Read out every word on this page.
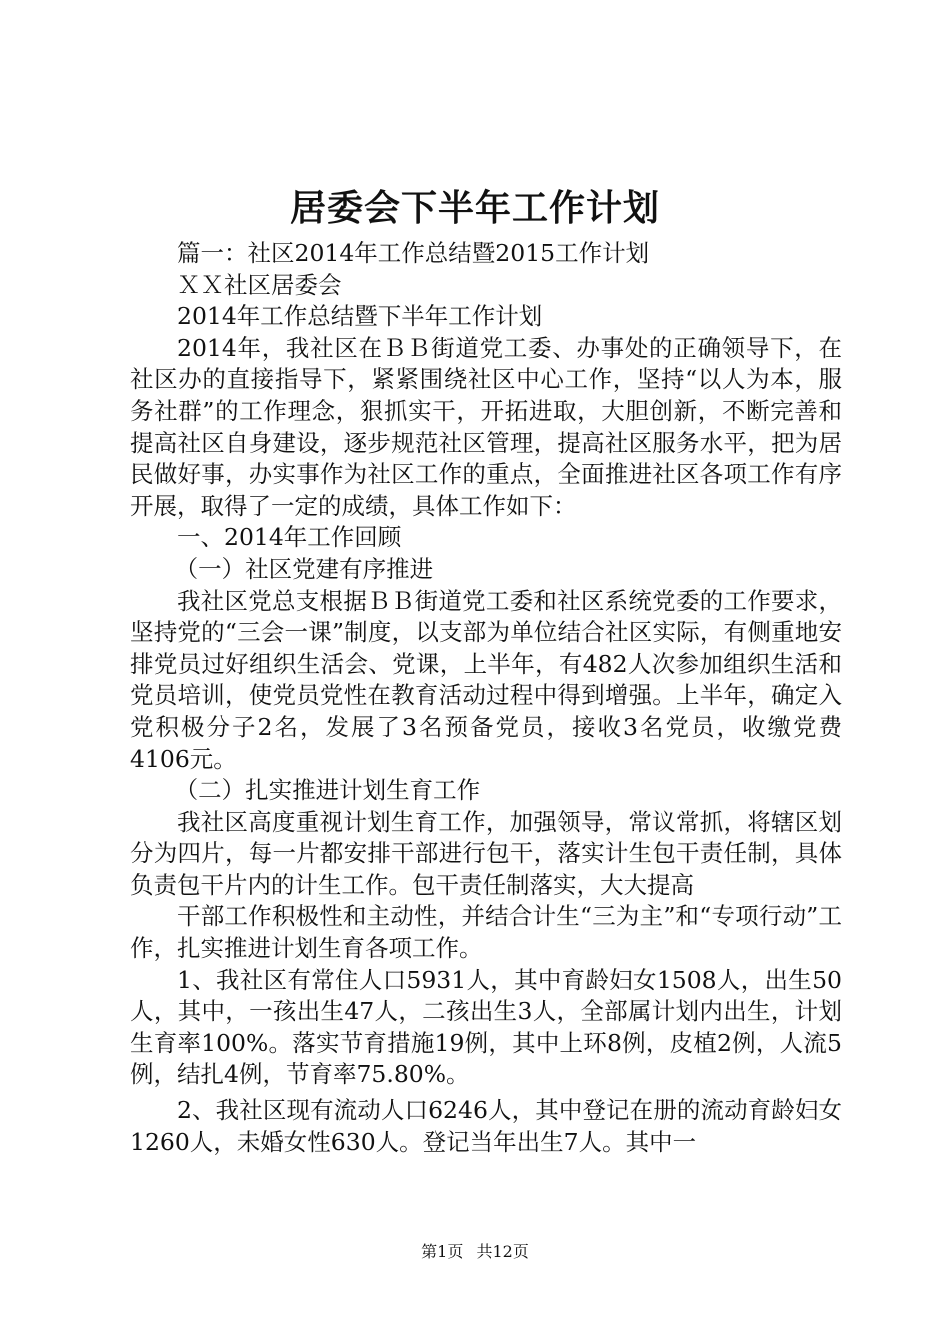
居委会下半年工作计划

篇一：社区2014年工作总结暨2015工作计划

ＸＸ社区居委会

2014年工作总结暨下半年工作计划

2014年，我社区在ＢＢ街道党工委、办事处的正确领导下，在社区办的直接指导下，紧紧围绕社区中心工作，坚持“以人为本，服务社群”的工作理念，狠抓实干，开拓进取，大胆创新，不断完善和提高社区自身建设，逐步规范社区管理，提高社区服务水平，把为居民做好事，办实事作为社区工作的重点，全面推进社区各项工作有序开展，取得了一定的成绩，具体工作如下：

一、2014年工作回顾

（一）社区党建有序推进

我社区党总支根据ＢＢ街道党工委和社区系统党委的工作要求，坚持党的“三会一课”制度，以支部为单位结合社区实际，有侧重地安排党员过好组织生活会、党课，上半年，有482人次参加组织生活和党员培训，使党员党性在教育活动过程中得到增强。上半年，确定入党积极分子2名，发展了3名预备党员，接收3名党员，收缴党费4106元。

（二）扎实推进计划生育工作

我社区高度重视计划生育工作，加强领导，常议常抓，将辖区划分为四片，每一片都安排干部进行包干，落实计生包干责任制，具体负责包干片内的计生工作。包干责任制落实，大大提高

干部工作积极性和主动性，并结合计生“三为主”和“专项行动”工作，扎实推进计划生育各项工作。

1、我社区有常住人口5931人，其中育龄妇女1508人，出生50人，其中，一孩出生47人，二孩出生3人，全部属计划内出生，计划生育率100%。落实节育措施19例，其中上环8例，皮植2例，人流5例，结扎4例，节育率75.80%。

2、我社区现有流动人口6246人，其中登记在册的流动育龄妇女1260人，未婚女性630人。登记当年出生7人。其中一

第1页 共12页
